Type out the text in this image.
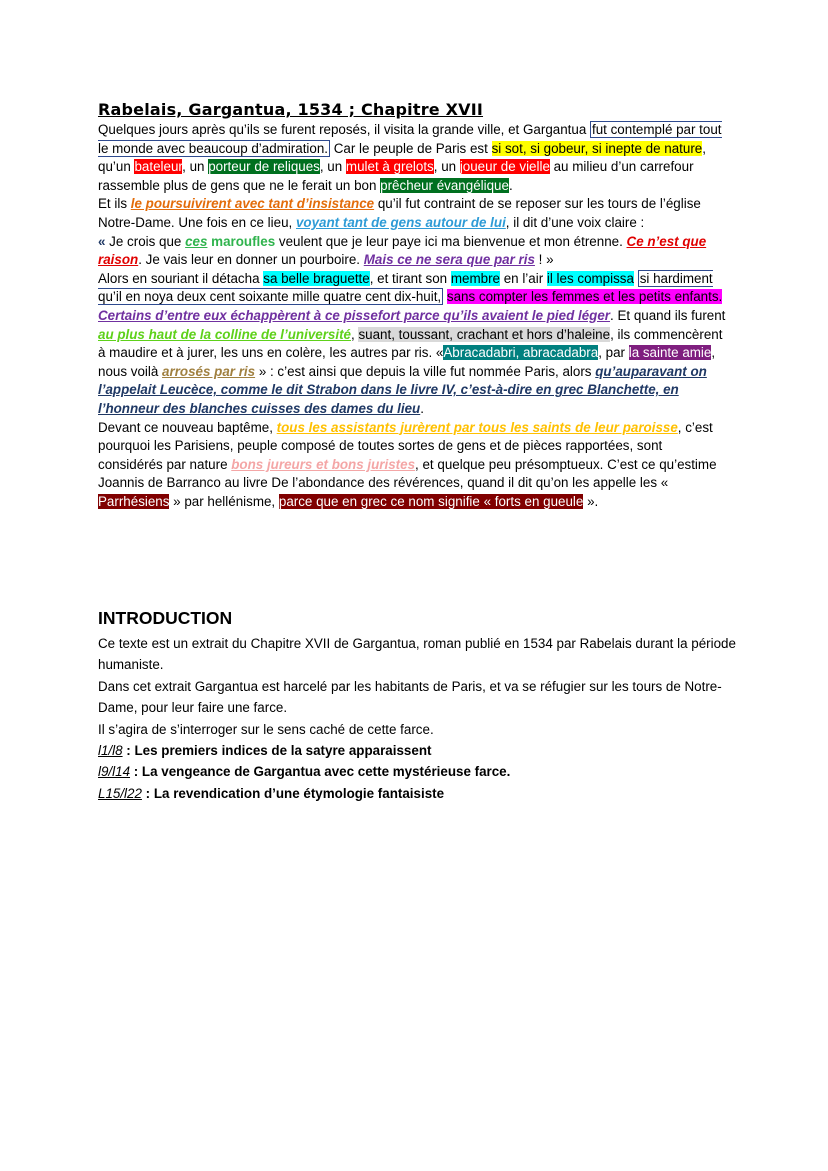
Rabelais, Gargantua, 1534 ; Chapitre XVII

Quelques jours après qu’ils se furent reposés, il visita la grande ville, et Gargantua fut contemplé par tout le monde avec beaucoup d’admiration. Car le peuple de Paris est si sot, si gobeur, si inepte de nature, qu’un bateleur, un porteur de reliques, un mulet à grelots, un joueur de vielle au milieu d’un carrefour rassemble plus de gens que ne le ferait un bon prêcheur évangélique.

Et ils le poursuivirent avec tant d’insistance qu’il fut contraint de se reposer sur les tours de l’église Notre-Dame. Une fois en ce lieu, voyant tant de gens autour de lui, il dit d’une voix claire :

« Je crois que ces maroufles veulent que je leur paye ici ma bienvenue et mon étrenne. Ce n’est que raison. Je vais leur en donner un pourboire. Mais ce ne sera que par ris ! »

Alors en souriant il détacha sa belle braguette, et tirant son membre en l’air il les compissa si hardiment qu’il en noya deux cent soixante mille quatre cent dix-huit, sans compter les femmes et les petits enfants.

Certains d’entre eux échappèrent à ce pissefort parce qu’ils avaient le pied léger. Et quand ils furent au plus haut de la colline de l’université, suant, toussant, crachant et hors d’haleine, ils commencèrent à maudire et à jurer, les uns en colère, les autres par ris. «Abracadabri, abracadabra, par la sainte amie, nous voilà arrosés par ris » : c’est ainsi que depuis la ville fut nommée Paris, alors qu’auparavant on l’appelait Leucèce, comme le dit Strabon dans le livre IV, c’est-à-dire en grec Blanchette, en l’honneur des blanches cuisses des dames du lieu.

Devant ce nouveau baptême, tous les assistants jurèrent par tous les saints de leur paroisse, c’est pourquoi les Parisiens, peuple composé de toutes sortes de gens et de pièces rapportées, sont considérés par nature bons jureurs et bons juristes, et quelque peu présomptueux. C’est ce qu’estime Joannis de Barranco au livre De l’abondance des révérences, quand il dit qu’on les appelle les « Parrhésiens » par hellénisme, parce que en grec ce nom signifie « forts en gueule ».

INTRODUCTION

Ce texte est un extrait du Chapitre XVII de Gargantua, roman publié en 1534 par Rabelais durant la période humaniste.

Dans cet extrait Gargantua est harcelé par les habitants de Paris, et va se réfugier sur les tours de Notre-Dame, pour leur faire une farce.

Il s’agira de s’interroger sur le sens caché de cette farce.

l1/l8 : Les premiers indices de la satyre apparaissent

l9/l14 : La vengeance de Gargantua avec cette mystérieuse farce.

L15/l22 : La revendication d’une étymologie fantaisiste
